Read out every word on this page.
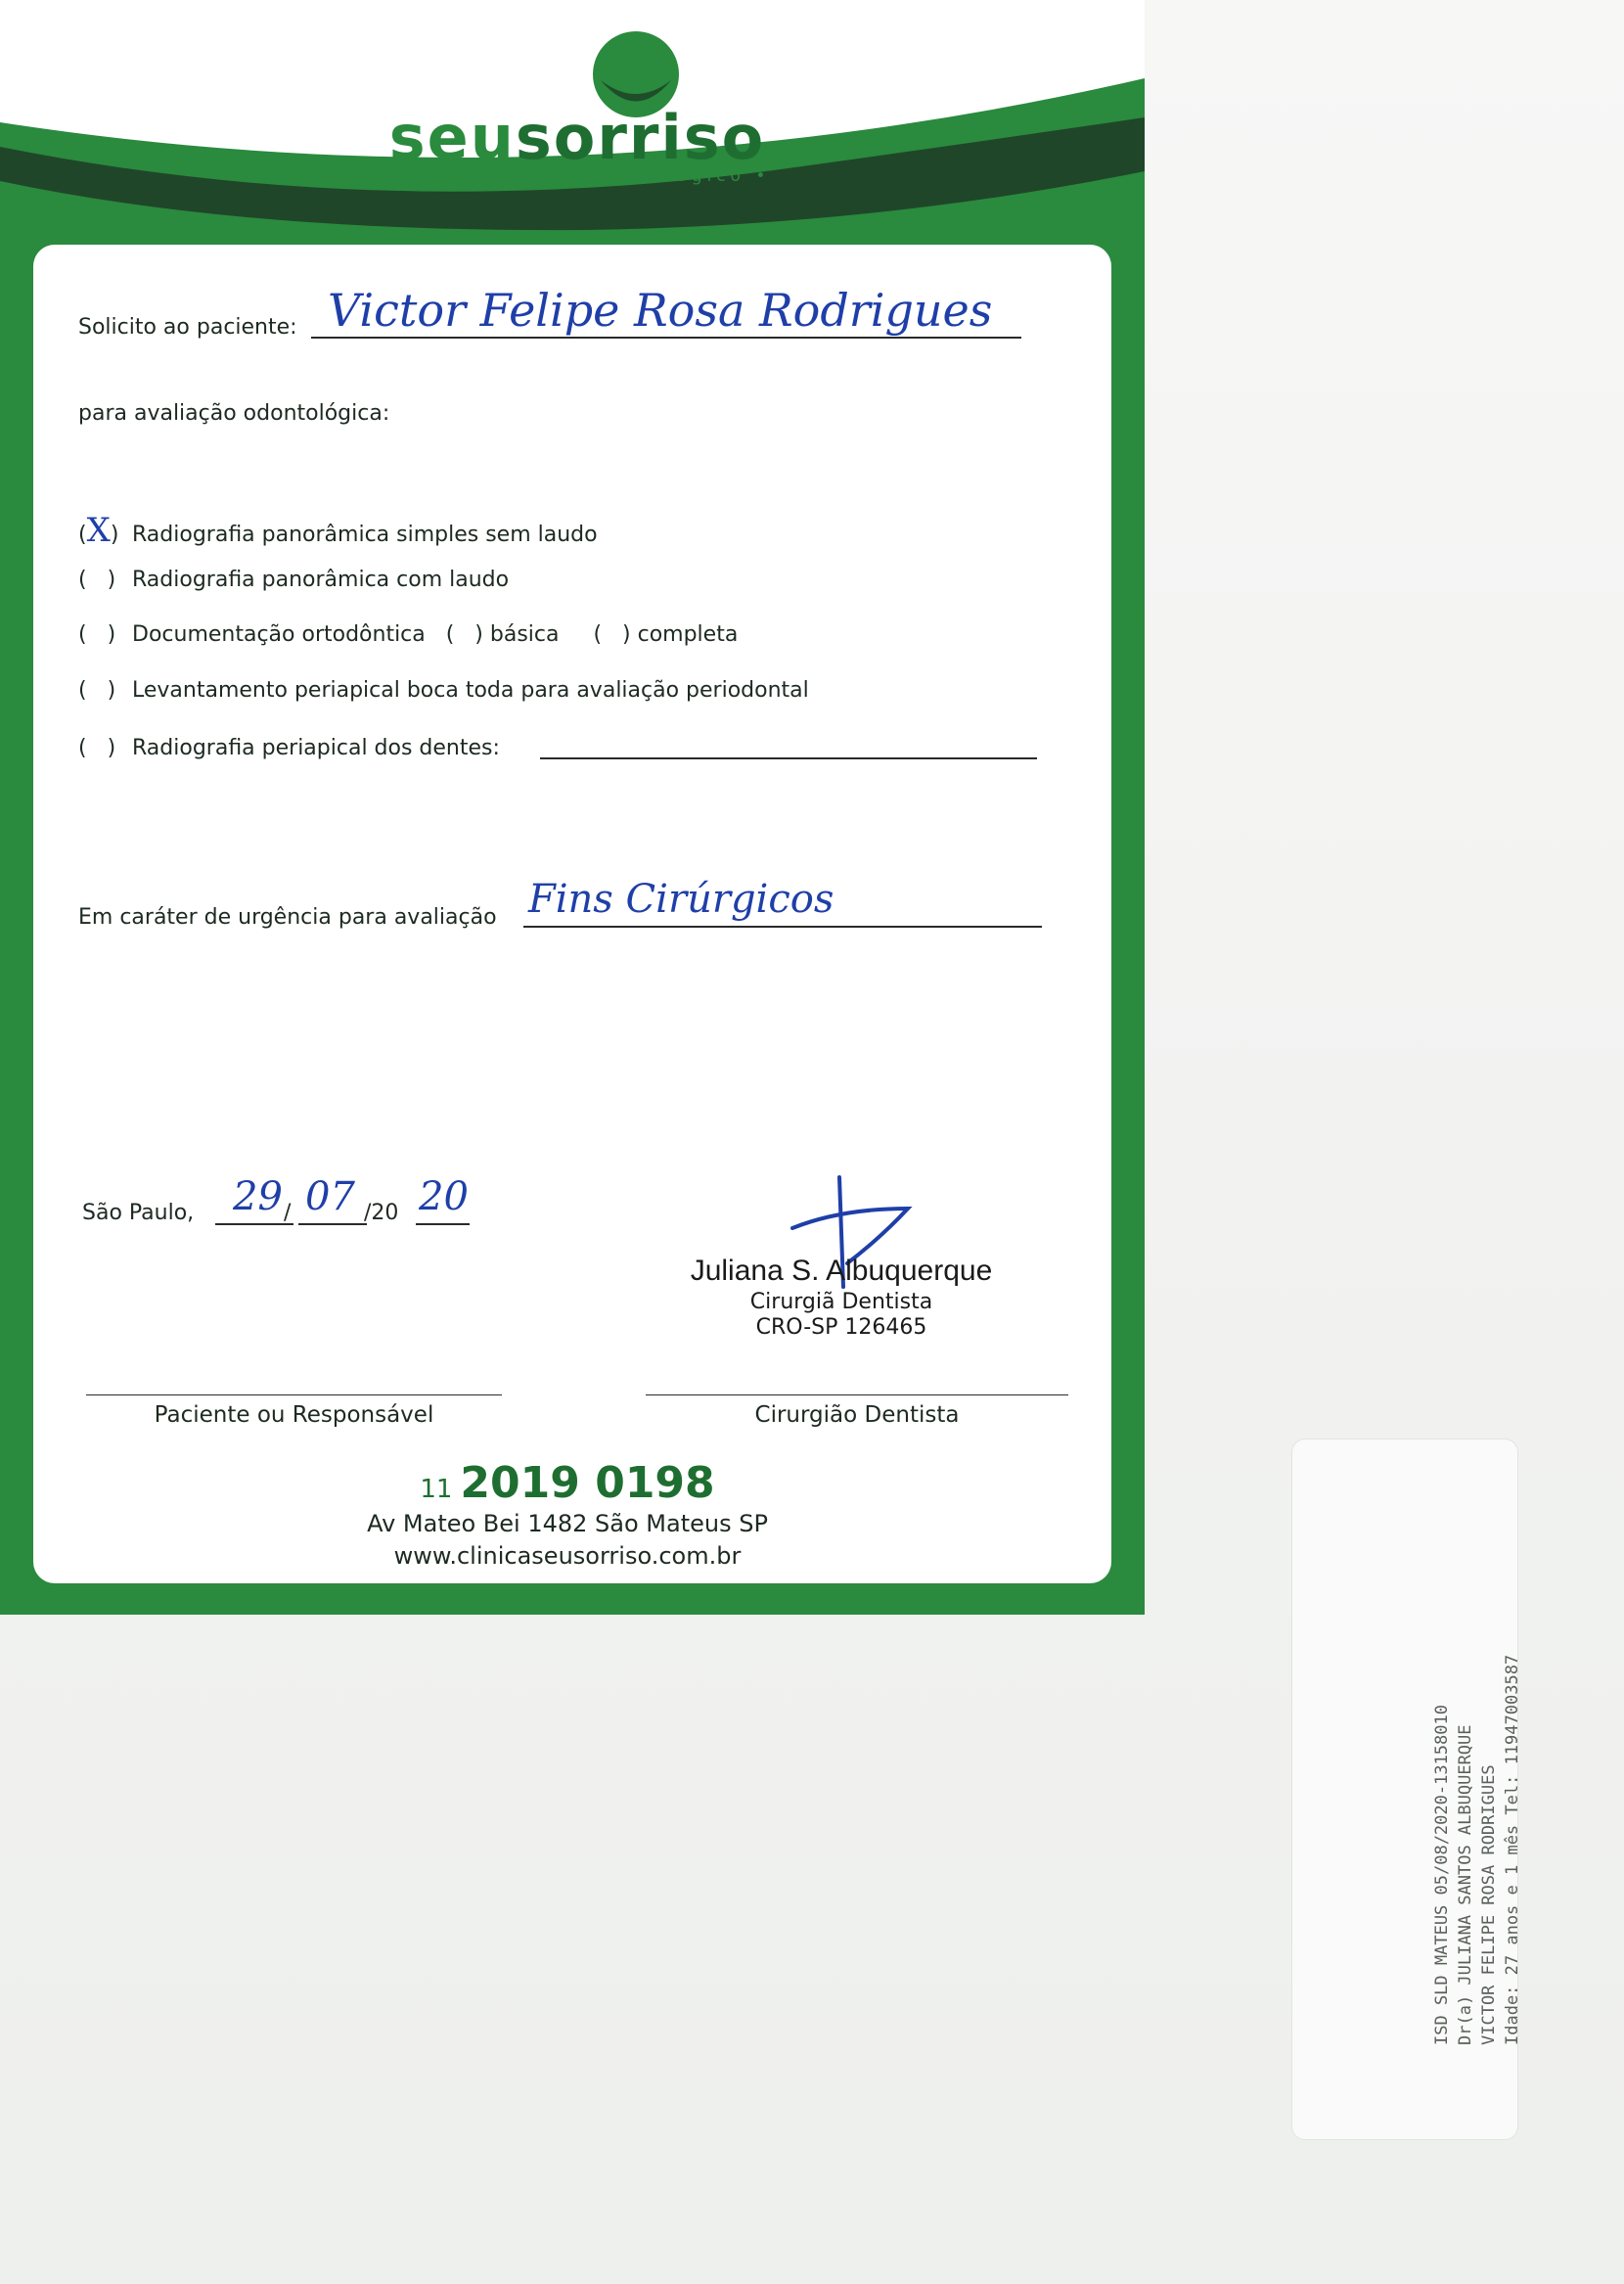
seusorriso
• atendimento odontológico •
Solicito ao paciente: Victor Felipe Rosa Rodrigues
para avaliação odontológica:
(X) Radiografia panorâmica simples sem laudo
(   ) Radiografia panorâmica com laudo
(   ) Documentação ortodôntica   (   ) básica     (   ) completa
(   ) Levantamento periapical boca toda para avaliação periodontal
(   ) Radiografia periapical dos dentes:
Em caráter de urgência para avaliação Fins Cirúrgicos
São Paulo, 29 / 07 /20 20
Juliana S. Albuquerque
Cirurgiã Dentista
CRO-SP 126465
Paciente ou Responsável	Cirurgião Dentista
11 2019 0198
Av Mateo Bei 1482 São Mateus SP
www.clinicaseusorriso.com.br
ISD SLD MATEUS 05/08/2020-13158010 Dr(a) JULIANA SANTOS ALBUQUERQUE VICTOR FELIPE ROSA RODRIGUES Idade: 27 anos e 1 mês Tel: 11947003587
